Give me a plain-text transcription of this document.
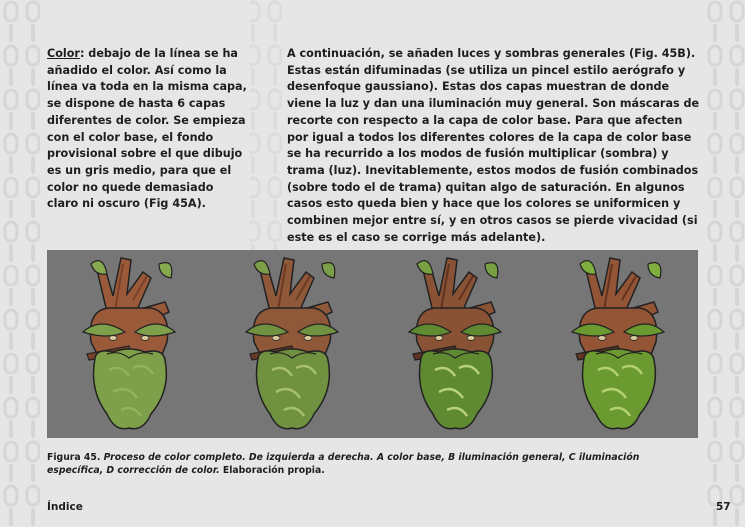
Color: debajo de la línea se ha añadido el color. Así como la línea va toda en la misma capa, se dispone de hasta 6 capas diferentes de color. Se empieza con el color base, el fondo provisional sobre el que dibujo es un gris medio, para que el color no quede demasiado claro ni oscuro (Fig 45A).
A continuación, se añaden luces y sombras generales (Fig. 45B). Estas están difuminadas (se utiliza un pincel estilo aerógrafo y desenfoque gaussiano). Estas dos capas muestran de donde viene la luz y dan una iluminación muy general. Son máscaras de recorte con respecto a la capa de color base. Para que afecten por igual a todos los diferentes colores de la capa de color base se ha recurrido a los modos de fusión multiplicar (sombra) y trama (luz). Inevitablemente, estos modos de fusión combinados (sobre todo el de trama) quitan algo de saturación. En algunos casos esto queda bien y hace que los colores se uniformicen y combinen mejor entre sí, y en otros casos se pierde vivacidad (si este es el caso se corrige más adelante).
Figura 45. Proceso de color completo. De izquierda a derecha. A color base, B iluminación general, C iluminación específica, D corrección de color. Elaboración propia.
Índice	57
